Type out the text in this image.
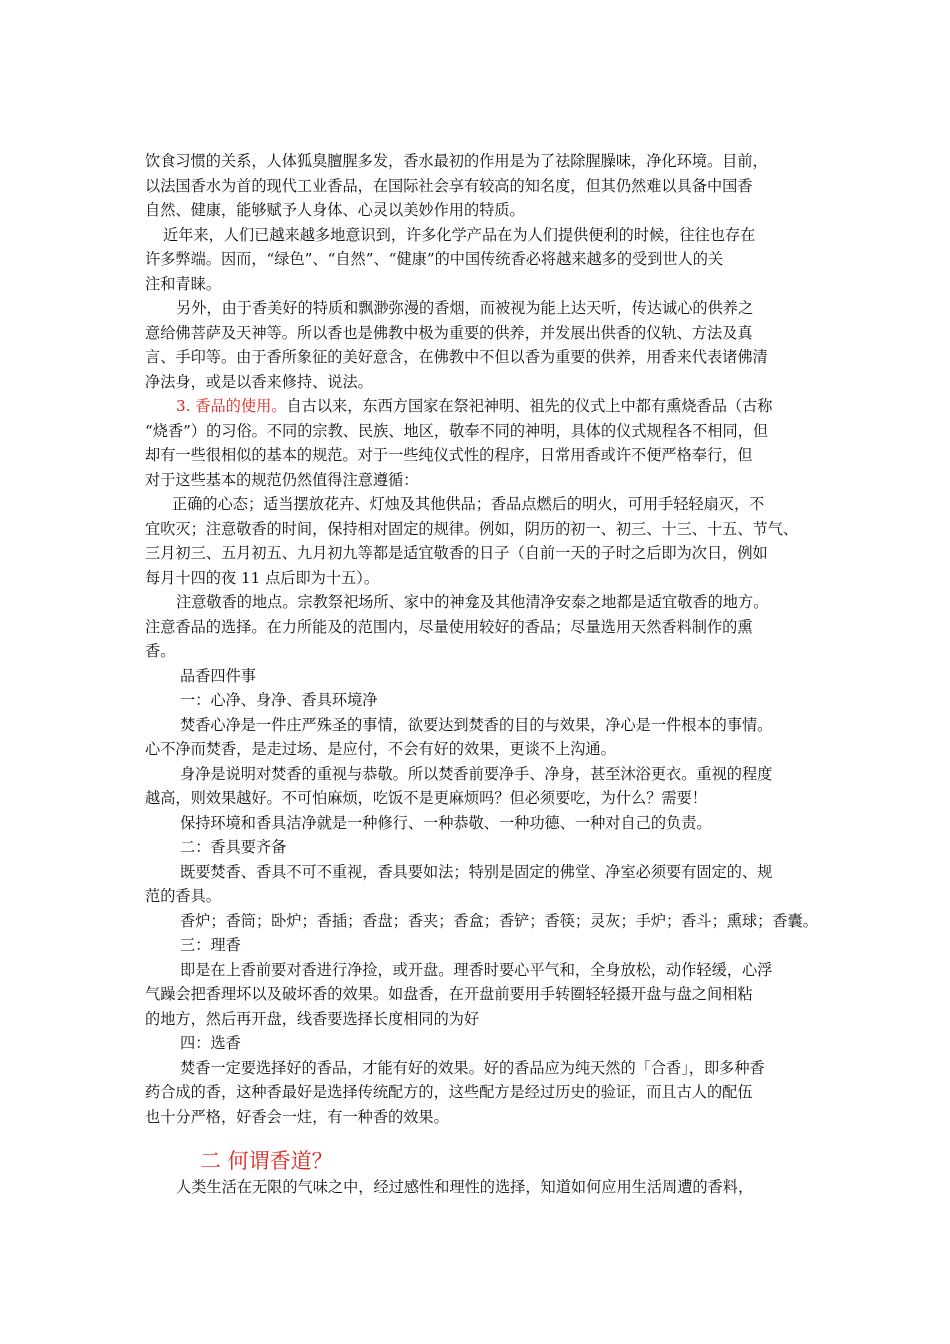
饮食习惯的关系，人体狐臭膻腥多发，香水最初的作用是为了祛除腥臊味，净化环境。目前，
以法国香水为首的现代工业香品，在国际社会享有较高的知名度，但其仍然难以具备中国香
自然、健康，能够赋予人身体、心灵以美妙作用的特质。
近年来，人们已越来越多地意识到，许多化学产品在为人们提供便利的时候，往往也存在
许多弊端。因而，“绿色”、“自然”、“健康”的中国传统香必将越来越多的受到世人的关
注和青睐。
另外，由于香美好的特质和飘渺弥漫的香烟，而被视为能上达天听，传达诚心的供养之
意给佛菩萨及天神等。所以香也是佛教中极为重要的供养，并发展出供香的仪轨、方法及真
言、手印等。由于香所象征的美好意含，在佛教中不但以香为重要的供养，用香来代表诸佛清
净法身，或是以香来修持、说法。
3. 香品的使用。自古以来，东西方国家在祭祀神明、祖先的仪式上中都有熏烧香品（古称
“烧香”）的习俗。不同的宗教、民族、地区，敬奉不同的神明，具体的仪式规程各不相同，但
却有一些很相似的基本的规范。对于一些纯仪式性的程序，日常用香或许不便严格奉行，但
对于这些基本的规范仍然值得注意遵循：
正确的心态；适当摆放花卉、灯烛及其他供品；香品点燃后的明火，可用手轻轻扇灭，不
宜吹灭；注意敬香的时间，保持相对固定的规律。例如，阴历的初一、初三、十三、十五、节气、
三月初三、五月初五、九月初九等都是适宜敬香的日子（自前一天的子时之后即为次日，例如
每月十四的夜 11 点后即为十五）。
注意敬香的地点。宗教祭祀场所、家中的神龛及其他清净安泰之地都是适宜敬香的地方。
注意香品的选择。在力所能及的范围内，尽量使用较好的香品；尽量选用天然香料制作的熏
香。
品香四件事
一：心净、身净、香具环境净
焚香心净是一件庄严殊圣的事情，欲要达到焚香的目的与效果，净心是一件根本的事情。
心不净而焚香，是走过场、是应付，不会有好的效果，更谈不上沟通。
身净是说明对焚香的重视与恭敬。所以焚香前要净手、净身，甚至沐浴更衣。重视的程度
越高，则效果越好。不可怕麻烦，吃饭不是更麻烦吗？但必须要吃，为什么？需要！
保持环境和香具洁净就是一种修行、一种恭敬、一种功德、一种对自己的负责。
二：香具要齐备
既要焚香、香具不可不重视，香具要如法；特别是固定的佛堂、净室必须要有固定的、规
范的香具。
香炉；香筒；卧炉；香插；香盘；香夹；香盒；香铲；香筷；灵灰；手炉；香斗；熏球；香囊。
三：理香
即是在上香前要对香进行净捡，或开盘。理香时要心平气和，全身放松，动作轻缓，心浮
气躁会把香理坏以及破坏香的效果。如盘香，在开盘前要用手转圈轻轻摄开盘与盘之间相粘
的地方，然后再开盘，线香要选择长度相同的为好
四：选香
焚香一定要选择好的香品，才能有好的效果。好的香品应为纯天然的「合香」，即多种香
药合成的香，这种香最好是选择传统配方的，这些配方是经过历史的验证，而且古人的配伍
也十分严格，好香会一炷，有一种香的效果。
二 何谓香道？
人类生活在无限的气味之中，经过感性和理性的选择，知道如何应用生活周遭的香料，
